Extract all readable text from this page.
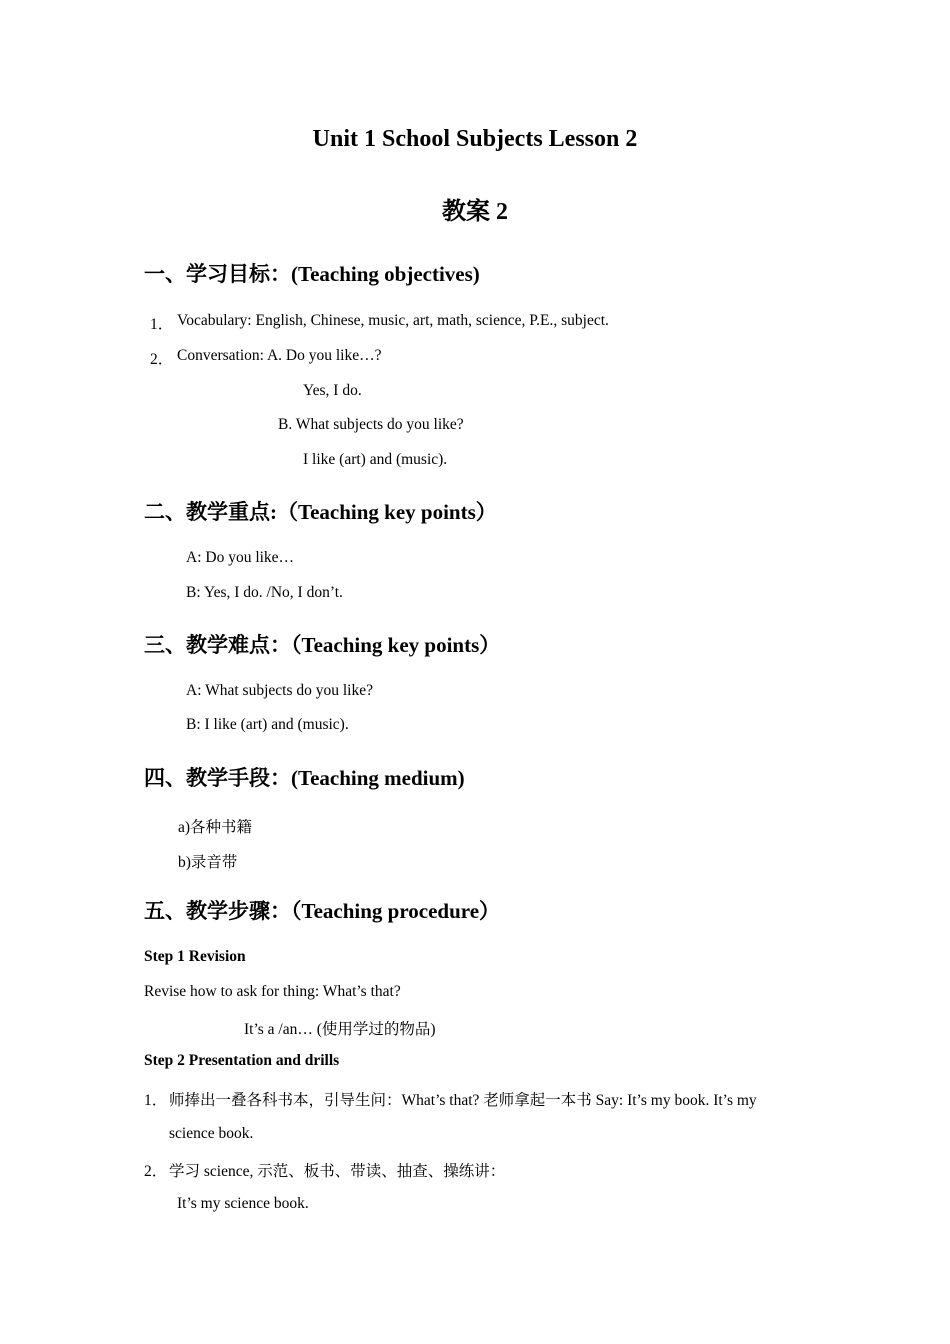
Unit 1 School Subjects Lesson 2
教案 2
一、学习目标：(Teaching objectives)
1． Vocabulary: English, Chinese, music, art, math, science, P.E., subject.
2． Conversation: A. Do you like…?
Yes, I do.
B. What subjects do you like?
I like (art) and (music).
二、教学重点:（Teaching key points）
A: Do you like…
B: Yes, I do. /No, I don’t.
三、教学难点：（Teaching key points）
A: What subjects do you like?
B: I like (art) and (music).
四、教学手段：(Teaching medium)
a)各种书籍
b)录音带
五、教学步骤：（Teaching procedure）
Step 1 Revision
Revise how to ask for thing: What’s that?
It’s a /an… (使用学过的物品)
Step 2 Presentation and drills
1． 师捧出一叠各科书本，引导生问：What’s that? 老师拿起一本书 Say: It’s my book. It’s my
science book.
2． 学习 science, 示范、板书、带读、抽查、操练讲：
It’s my science book.
